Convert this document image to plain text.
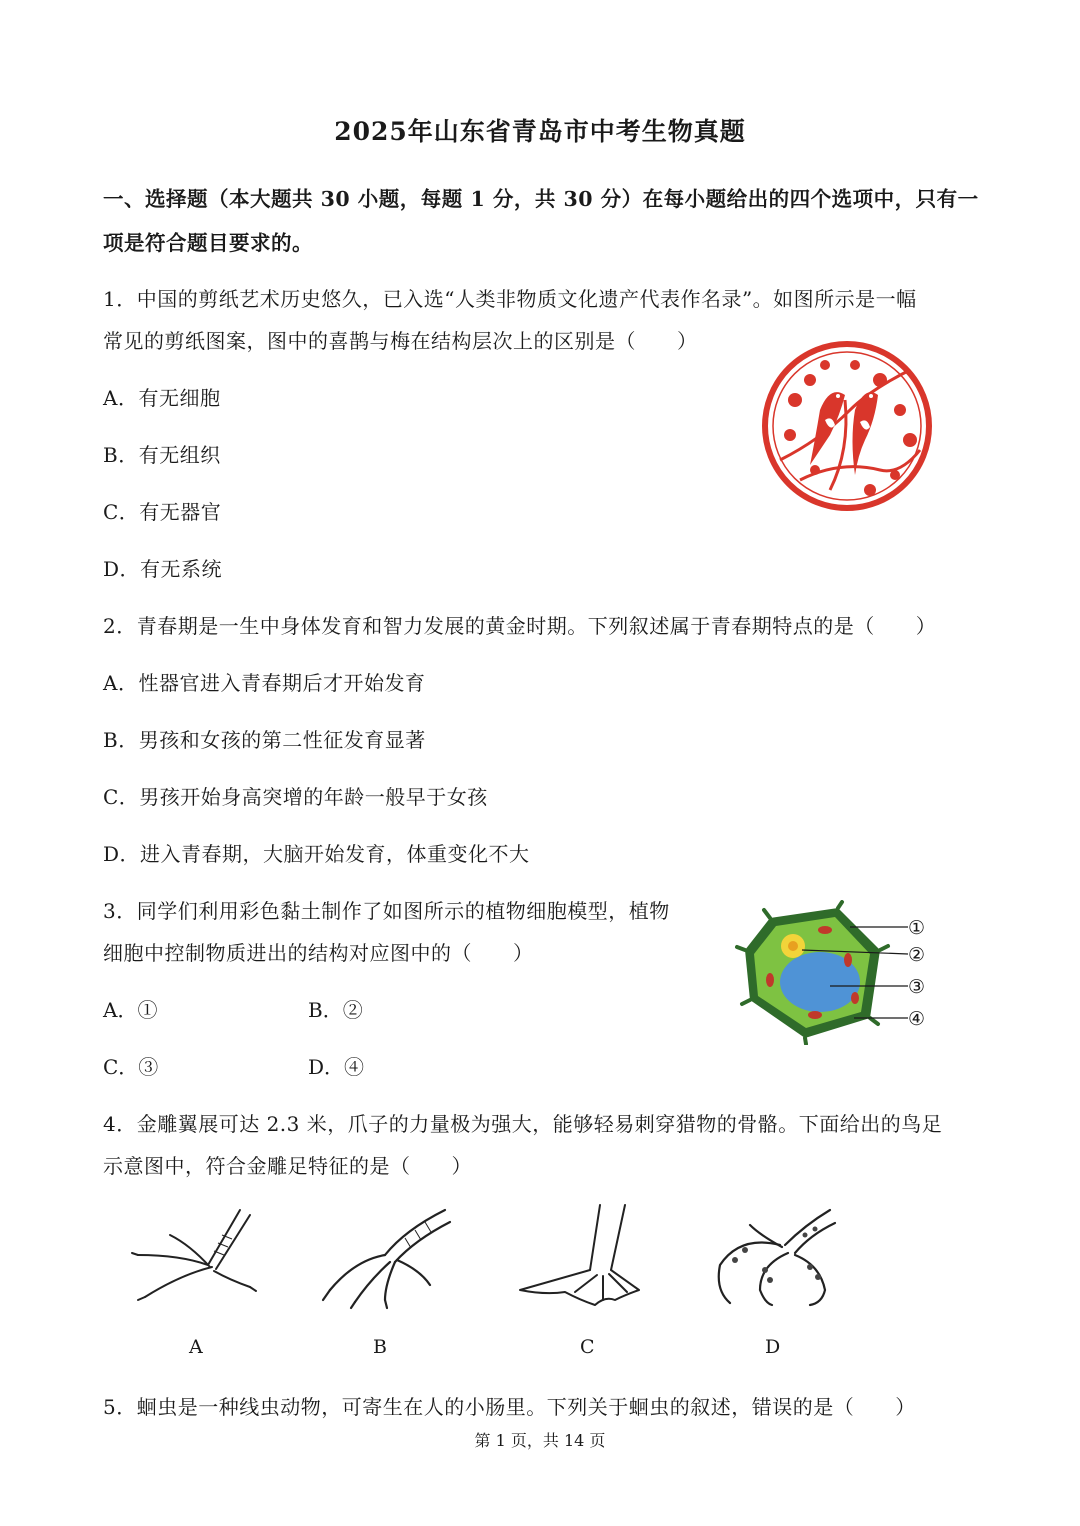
2025年山东省青岛市中考生物真题
一、选择题（本大题共 30 小题，每题 1 分，共 30 分）在每小题给出的四个选项中，只有一
项是符合题目要求的。
1．中国的剪纸艺术历史悠久，已入选“人类非物质文化遗产代表作名录”。如图所示是一幅
常见的剪纸图案，图中的喜鹊与梅在结构层次上的区别是（　　）
A．有无细胞
B．有无组织
C．有无器官
D．有无系统
2．青春期是一生中身体发育和智力发展的黄金时期。下列叙述属于青春期特点的是（　　）
A．性器官进入青春期后才开始发育
B．男孩和女孩的第二性征发育显著
C．男孩开始身高突增的年龄一般早于女孩
D．进入青春期，大脑开始发育，体重变化不大
3．同学们利用彩色黏土制作了如图所示的植物细胞模型，植物
细胞中控制物质进出的结构对应图中的（　　）
A．①	B．②
C．③	D．④
①
②
③
④
4．金雕翼展可达 2.3 米，爪子的力量极为强大，能够轻易刺穿猎物的骨骼。下面给出的鸟足
示意图中，符合金雕足特征的是（　　）
A	B	C	D
5．蛔虫是一种线虫动物，可寄生在人的小肠里。下列关于蛔虫的叙述，错误的是（　　）
第 1 页，共 14 页
